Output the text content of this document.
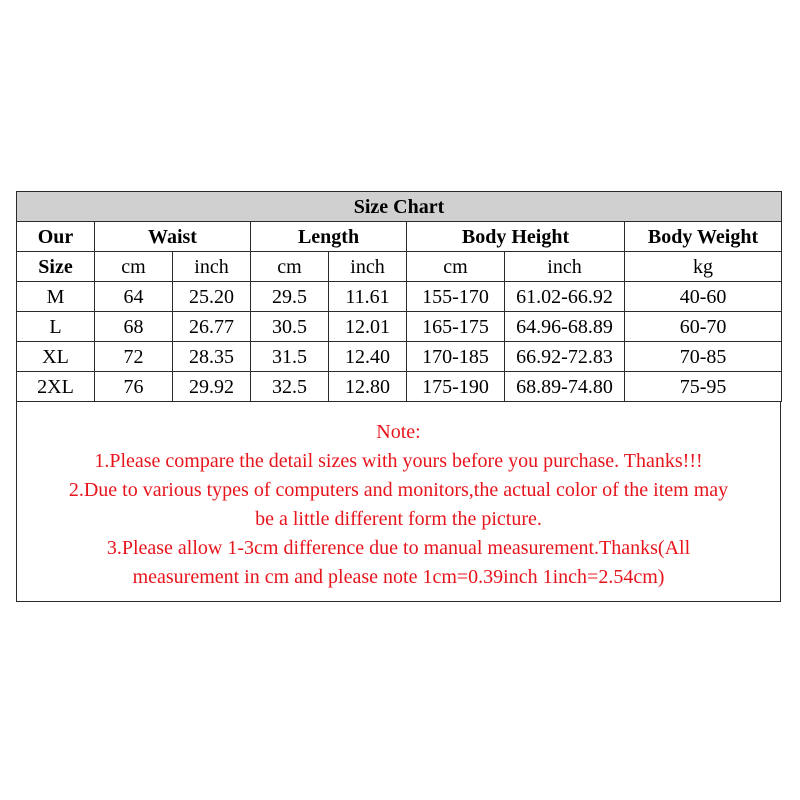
Size Chart							
Our	Waist		Length		Body Height		Body Weight
Size	cm	inch	cm	inch	cm	inch	kg
M	64	25.20	29.5	11.61	155-170	61.02-66.92	40-60
L	68	26.77	30.5	12.01	165-175	64.96-68.89	60-70
XL	72	28.35	31.5	12.40	170-185	66.92-72.83	70-85
2XL	76	29.92	32.5	12.80	175-190	68.89-74.80	75-95
Note:
1.Please compare the detail sizes with yours before you purchase. Thanks!!!
2.Due to various types of computers and monitors,the actual color of the item may
be a little different form the picture.
3.Please allow 1-3cm difference due to manual measurement.Thanks(All
measurement in cm and please note 1cm=0.39inch 1inch=2.54cm)
